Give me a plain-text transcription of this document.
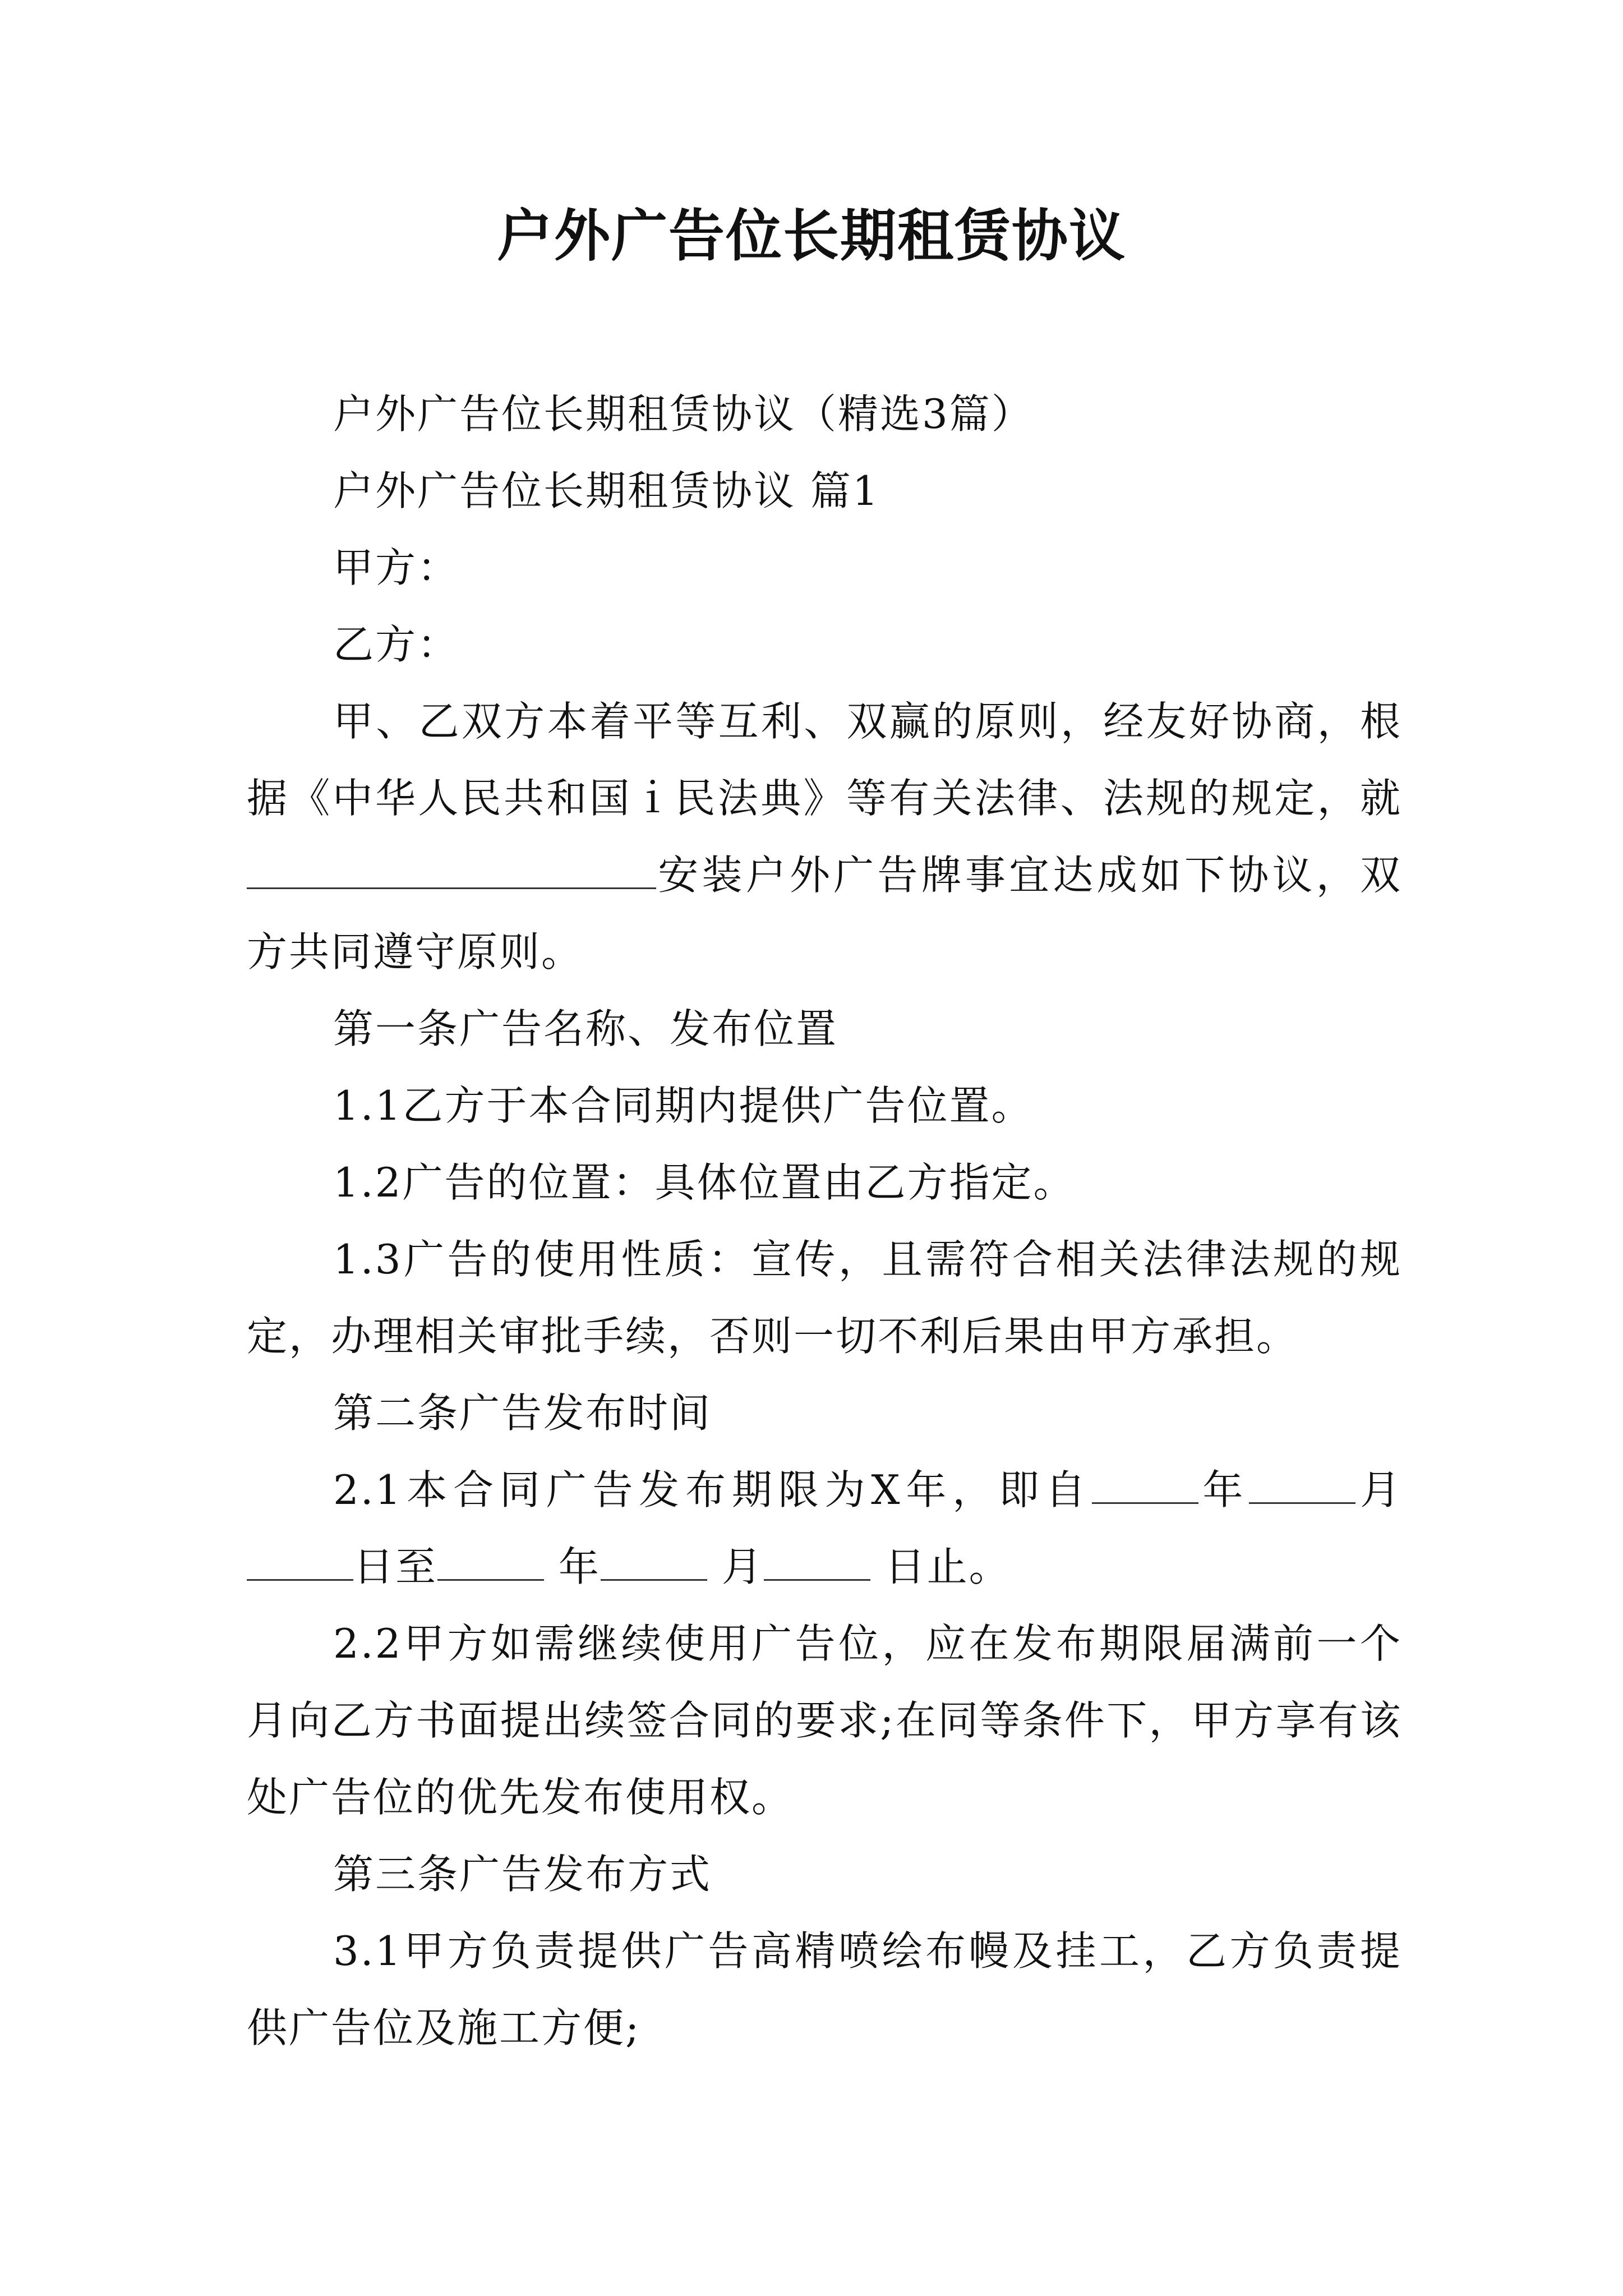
户外广告位长期租赁协议

户外广告位长期租赁协议（精选3篇）

户外广告位长期租赁协议 篇1

甲方：

乙方：

甲、乙双方本着平等互利、双赢的原则，经友好协商，根据《中华人民共和国ｉ民法典》等有关法律、法规的规定，就安装户外广告牌事宜达成如下协议，双方共同遵守原则。

第一条广告名称、发布位置

1.1乙方于本合同期内提供广告位置。

1.2广告的位置：具体位置由乙方指定。

1.3广告的使用性质：宣传，且需符合相关法律法规的规定，办理相关审批手续，否则一切不利后果由甲方承担。

第二条广告发布时间

2.1本合同广告发布期限为X年，即自	年	月日至	年	月	日止。

2.2甲方如需继续使用广告位，应在发布期限届满前一个月向乙方书面提出续签合同的要求;在同等条件下，甲方享有该处广告位的优先发布使用权。

第三条广告发布方式

3.1甲方负责提供广告高精喷绘布幔及挂工，乙方负责提供广告位及施工方便;
